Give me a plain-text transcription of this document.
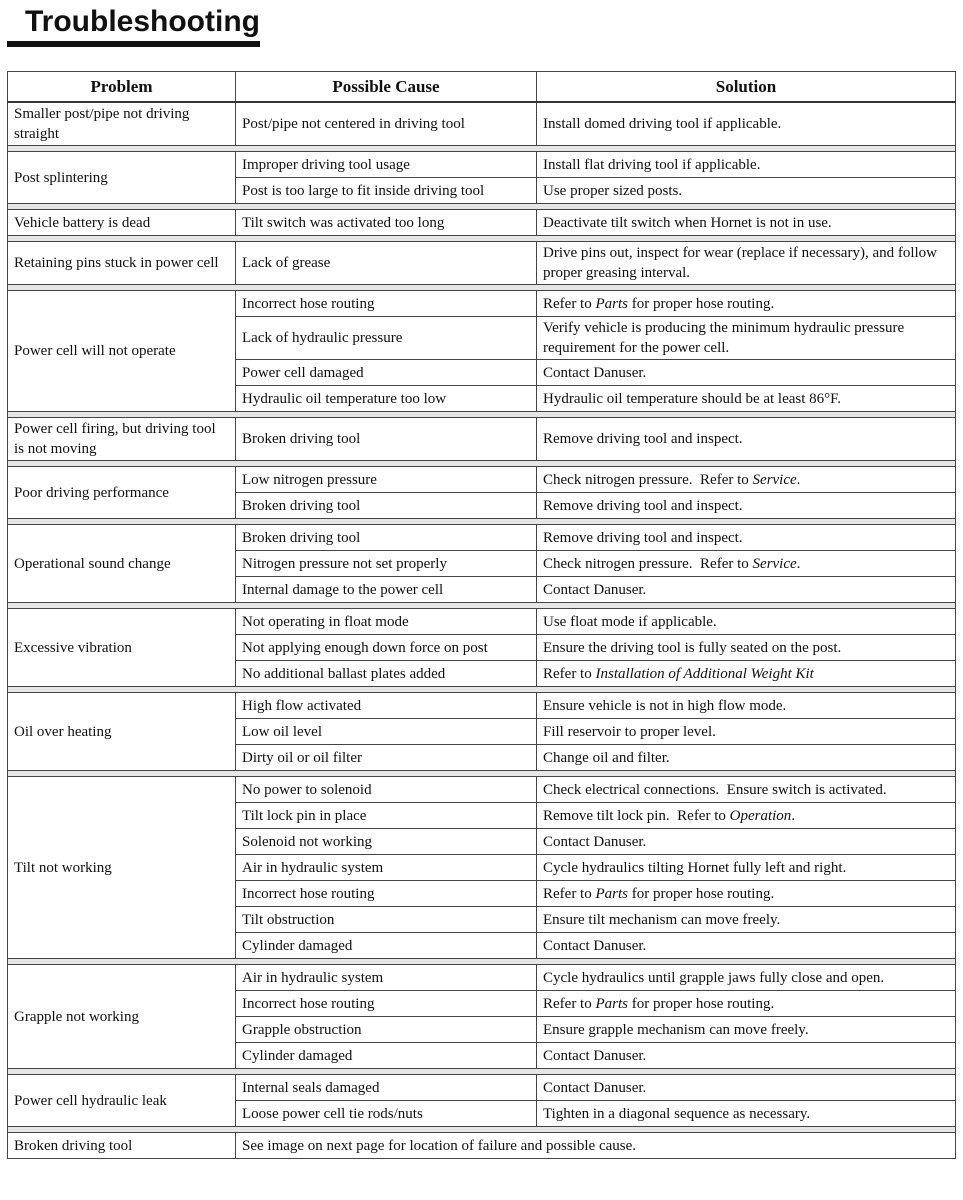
Troubleshooting
Problem	Possible Cause	Solution
Smaller post/pipe not driving straight	Post/pipe not centered in driving tool	Install domed driving tool if applicable.

Post splintering	Improper driving tool usage	Install flat driving tool if applicable.
	Post is too large to fit inside driving tool	Use proper sized posts.

Vehicle battery is dead	Tilt switch was activated too long	Deactivate tilt switch when Hornet is not in use.

Retaining pins stuck in power cell	Lack of grease	Drive pins out, inspect for wear (replace if necessary), and follow proper greasing interval.

Power cell will not operate	Incorrect hose routing	Refer to Parts for proper hose routing.
	Lack of hydraulic pressure	Verify vehicle is producing the minimum hydraulic pressure requirement for the power cell.
	Power cell damaged	Contact Danuser.
	Hydraulic oil temperature too low	Hydraulic oil temperature should be at least 86°F.

Power cell firing, but driving tool is not moving	Broken driving tool	Remove driving tool and inspect.

Poor driving performance	Low nitrogen pressure	Check nitrogen pressure.  Refer to Service.
	Broken driving tool	Remove driving tool and inspect.

Operational sound change	Broken driving tool	Remove driving tool and inspect.
	Nitrogen pressure not set properly	Check nitrogen pressure.  Refer to Service.
	Internal damage to the power cell	Contact Danuser.

Excessive vibration	Not operating in float mode	Use float mode if applicable.
	Not applying enough down force on post	Ensure the driving tool is fully seated on the post.
	No additional ballast plates added	Refer to Installation of Additional Weight Kit

Oil over heating	High flow activated	Ensure vehicle is not in high flow mode.
	Low oil level	Fill reservoir to proper level.
	Dirty oil or oil filter	Change oil and filter.

Tilt not working	No power to solenoid	Check electrical connections.  Ensure switch is activated.
	Tilt lock pin in place	Remove tilt lock pin.  Refer to Operation.
	Solenoid not working	Contact Danuser.
	Air in hydraulic system	Cycle hydraulics tilting Hornet fully left and right.
	Incorrect hose routing	Refer to Parts for proper hose routing.
	Tilt obstruction	Ensure tilt mechanism can move freely.
	Cylinder damaged	Contact Danuser.

Grapple not working	Air in hydraulic system	Cycle hydraulics until grapple jaws fully close and open.
	Incorrect hose routing	Refer to Parts for proper hose routing.
	Grapple obstruction	Ensure grapple mechanism can move freely.
	Cylinder damaged	Contact Danuser.

Power cell hydraulic leak	Internal seals damaged	Contact Danuser.
	Loose power cell tie rods/nuts	Tighten in a diagonal sequence as necessary.

Broken driving tool	See image on next page for location of failure and possible cause.	
